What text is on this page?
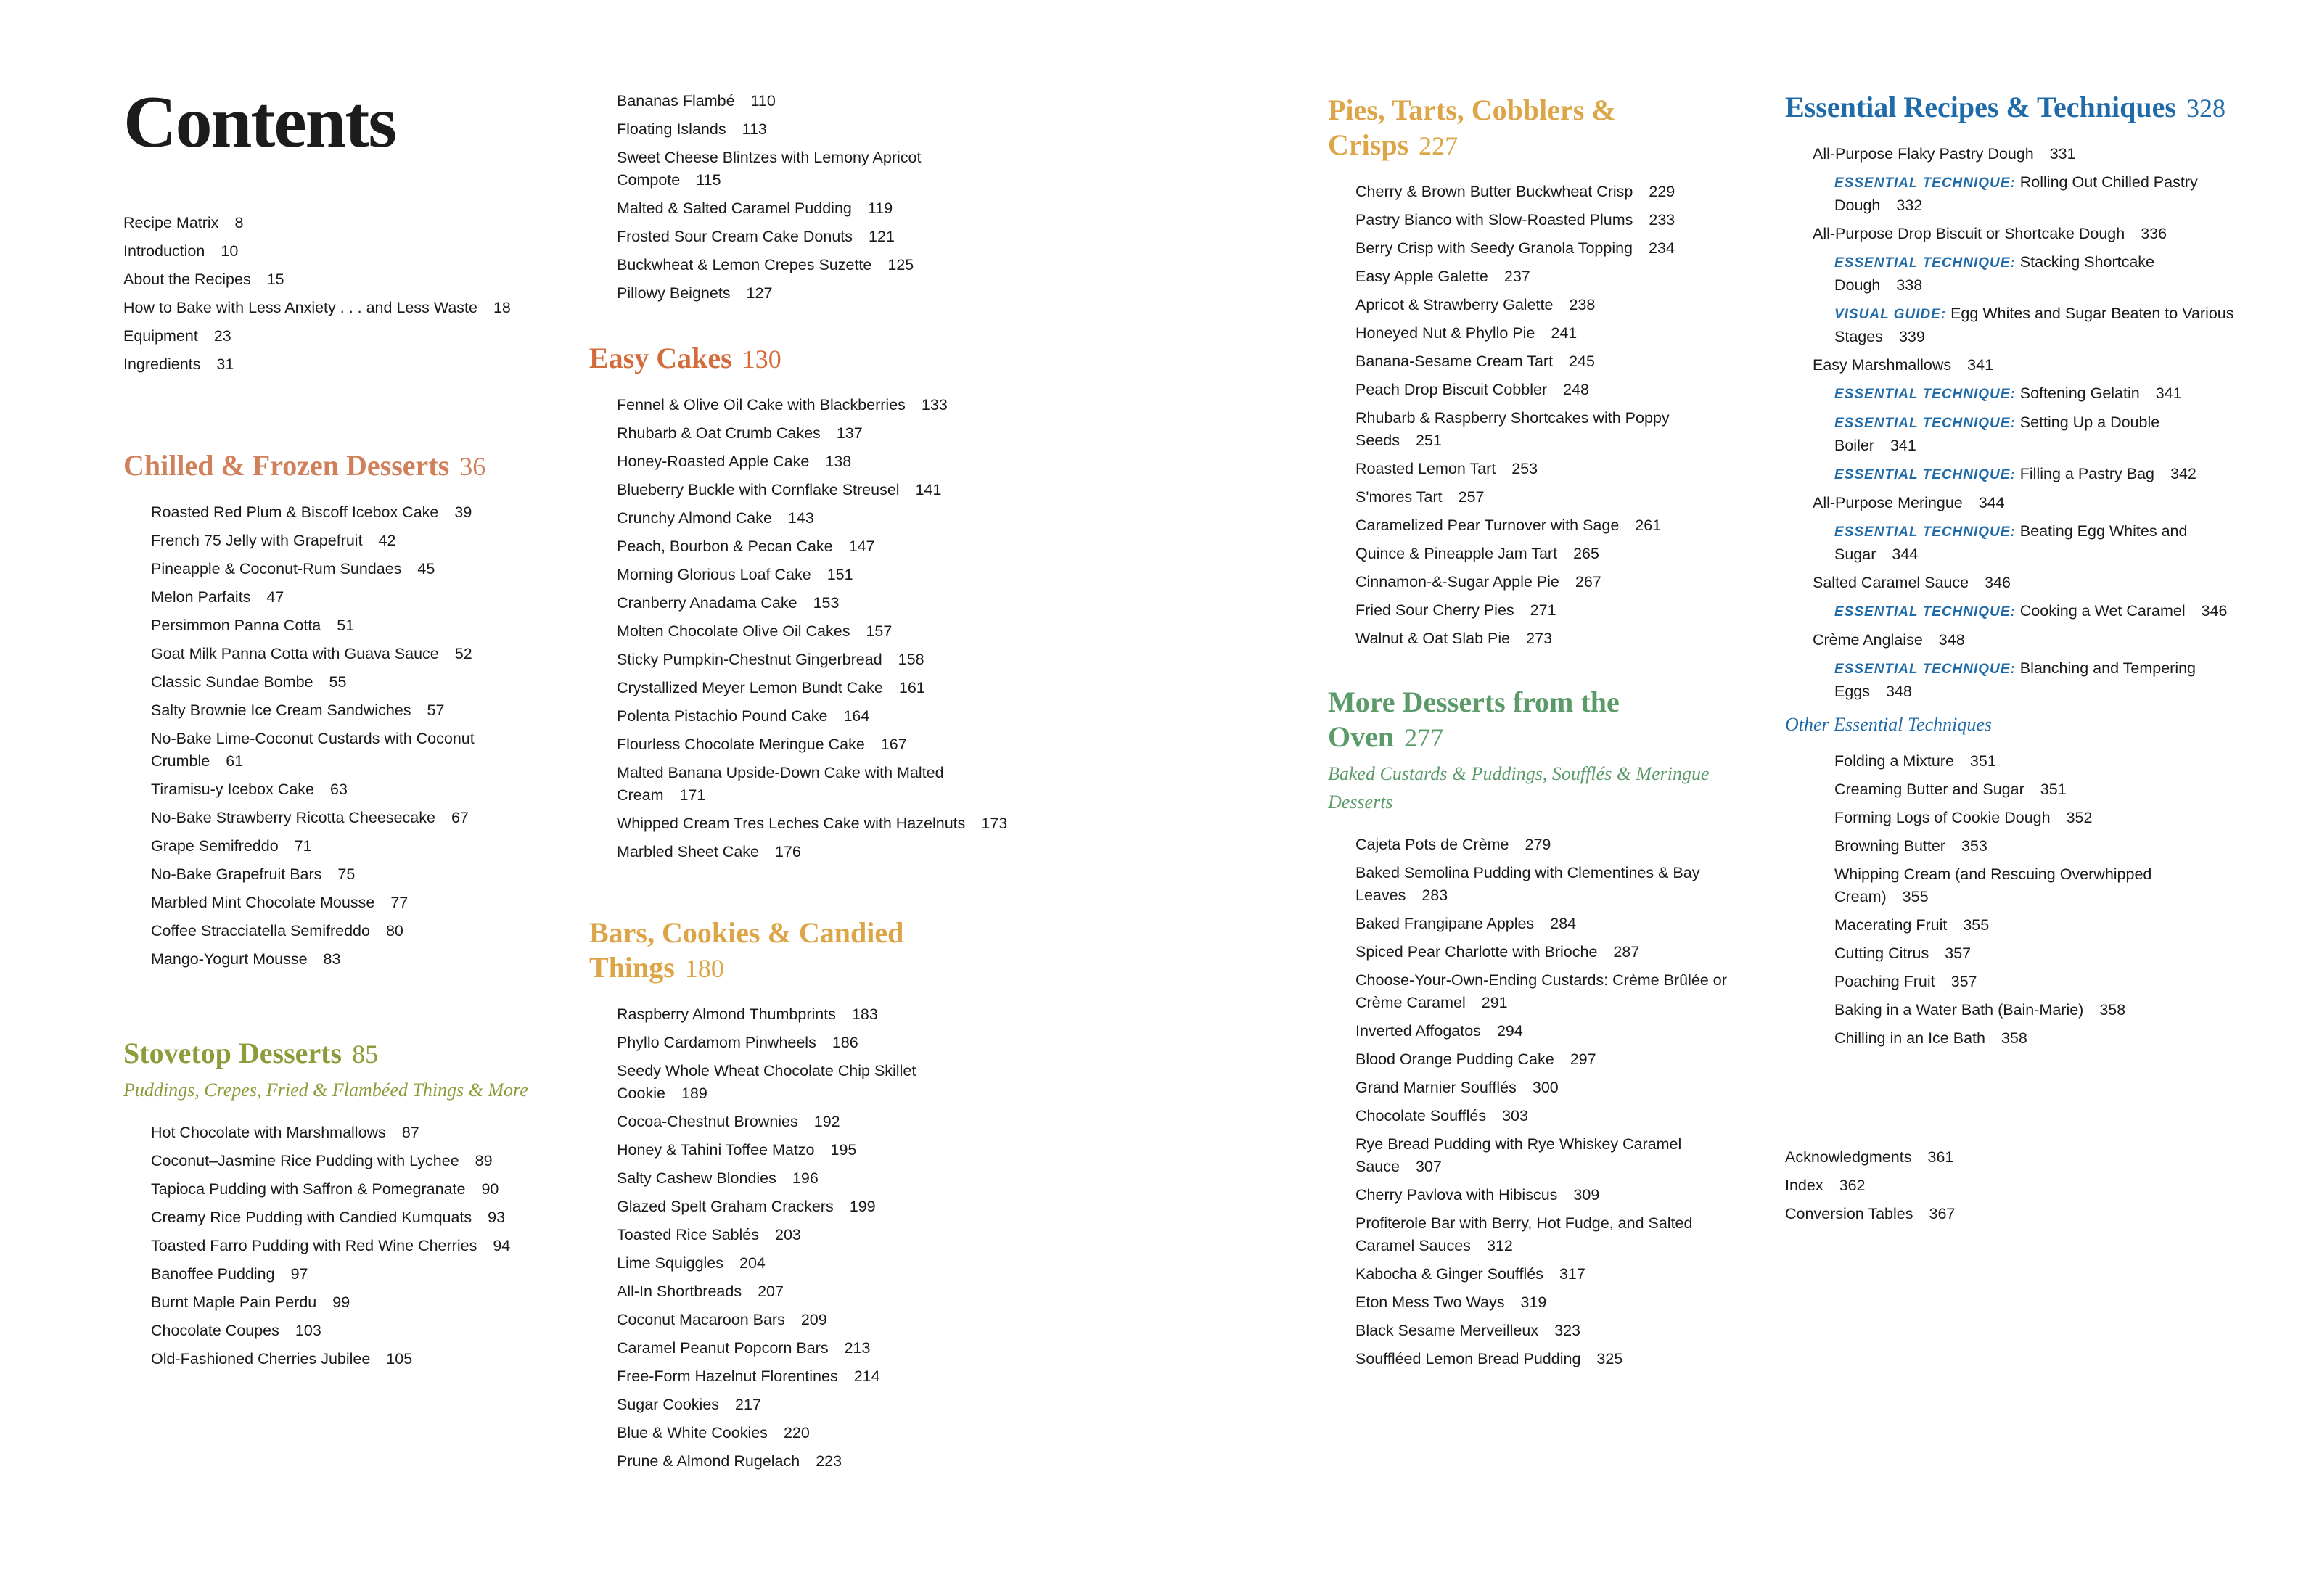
Contents
Recipe Matrix 8
Introduction 10
About the Recipes 15
How to Bake with Less Anxiety . . . and Less Waste 18
Equipment 23
Ingredients 31
Chilled & Frozen Desserts 36
Roasted Red Plum & Biscoff Icebox Cake 39
French 75 Jelly with Grapefruit 42
Pineapple & Coconut-Rum Sundaes 45
Melon Parfaits 47
Persimmon Panna Cotta 51
Goat Milk Panna Cotta with Guava Sauce 52
Classic Sundae Bombe 55
Salty Brownie Ice Cream Sandwiches 57
No-Bake Lime-Coconut Custards with Coconut Crumble 61
Tiramisu-y Icebox Cake 63
No-Bake Strawberry Ricotta Cheesecake 67
Grape Semifreddo 71
No-Bake Grapefruit Bars 75
Marbled Mint Chocolate Mousse 77
Coffee Stracciatella Semifreddo 80
Mango-Yogurt Mousse 83
Stovetop Desserts 85
Puddings, Crepes, Fried & Flambéed Things & More
Hot Chocolate with Marshmallows 87
Coconut–Jasmine Rice Pudding with Lychee 89
Tapioca Pudding with Saffron & Pomegranate 90
Creamy Rice Pudding with Candied Kumquats 93
Toasted Farro Pudding with Red Wine Cherries 94
Banoffee Pudding 97
Burnt Maple Pain Perdu 99
Chocolate Coupes 103
Old-Fashioned Cherries Jubilee 105
Bananas Flambé 110
Floating Islands 113
Sweet Cheese Blintzes with Lemony Apricot Compote 115
Malted & Salted Caramel Pudding 119
Frosted Sour Cream Cake Donuts 121
Buckwheat & Lemon Crepes Suzette 125
Pillowy Beignets 127
Easy Cakes 130
Fennel & Olive Oil Cake with Blackberries 133
Rhubarb & Oat Crumb Cakes 137
Honey-Roasted Apple Cake 138
Blueberry Buckle with Cornflake Streusel 141
Crunchy Almond Cake 143
Peach, Bourbon & Pecan Cake 147
Morning Glorious Loaf Cake 151
Cranberry Anadama Cake 153
Molten Chocolate Olive Oil Cakes 157
Sticky Pumpkin-Chestnut Gingerbread 158
Crystallized Meyer Lemon Bundt Cake 161
Polenta Pistachio Pound Cake 164
Flourless Chocolate Meringue Cake 167
Malted Banana Upside-Down Cake with Malted Cream 171
Whipped Cream Tres Leches Cake with Hazelnuts 173
Marbled Sheet Cake 176
Bars, Cookies & Candied Things 180
Raspberry Almond Thumbprints 183
Phyllo Cardamom Pinwheels 186
Seedy Whole Wheat Chocolate Chip Skillet Cookie 189
Cocoa-Chestnut Brownies 192
Honey & Tahini Toffee Matzo 195
Salty Cashew Blondies 196
Glazed Spelt Graham Crackers 199
Toasted Rice Sablés 203
Lime Squiggles 204
All-In Shortbreads 207
Coconut Macaroon Bars 209
Caramel Peanut Popcorn Bars 213
Free-Form Hazelnut Florentines 214
Sugar Cookies 217
Blue & White Cookies 220
Prune & Almond Rugelach 223
Pies, Tarts, Cobblers & Crisps 227
Cherry & Brown Butter Buckwheat Crisp 229
Pastry Bianco with Slow-Roasted Plums 233
Berry Crisp with Seedy Granola Topping 234
Easy Apple Galette 237
Apricot & Strawberry Galette 238
Honeyed Nut & Phyllo Pie 241
Banana-Sesame Cream Tart 245
Peach Drop Biscuit Cobbler 248
Rhubarb & Raspberry Shortcakes with Poppy Seeds 251
Roasted Lemon Tart 253
S'mores Tart 257
Caramelized Pear Turnover with Sage 261
Quince & Pineapple Jam Tart 265
Cinnamon-&-Sugar Apple Pie 267
Fried Sour Cherry Pies 271
Walnut & Oat Slab Pie 273
More Desserts from the Oven 277
Baked Custards & Puddings, Soufflés & Meringue Desserts
Cajeta Pots de Crème 279
Baked Semolina Pudding with Clementines & Bay Leaves 283
Baked Frangipane Apples 284
Spiced Pear Charlotte with Brioche 287
Choose-Your-Own-Ending Custards: Crème Brûlée or Crème Caramel 291
Inverted Affogatos 294
Blood Orange Pudding Cake 297
Grand Marnier Soufflés 300
Chocolate Soufflés 303
Rye Bread Pudding with Rye Whiskey Caramel Sauce 307
Cherry Pavlova with Hibiscus 309
Profiterole Bar with Berry, Hot Fudge, and Salted Caramel Sauces 312
Kabocha & Ginger Soufflés 317
Eton Mess Two Ways 319
Black Sesame Merveilleux 323
Souffléed Lemon Bread Pudding 325
Essential Recipes & Techniques 328
All-Purpose Flaky Pastry Dough 331
ESSENTIAL TECHNIQUE: Rolling Out Chilled Pastry Dough 332
All-Purpose Drop Biscuit or Shortcake Dough 336
ESSENTIAL TECHNIQUE: Stacking Shortcake Dough 338
VISUAL GUIDE: Egg Whites and Sugar Beaten to Various Stages 339
Easy Marshmallows 341
ESSENTIAL TECHNIQUE: Softening Gelatin 341
ESSENTIAL TECHNIQUE: Setting Up a Double Boiler 341
ESSENTIAL TECHNIQUE: Filling a Pastry Bag 342
All-Purpose Meringue 344
ESSENTIAL TECHNIQUE: Beating Egg Whites and Sugar 344
Salted Caramel Sauce 346
ESSENTIAL TECHNIQUE: Cooking a Wet Caramel 346
Crème Anglaise 348
ESSENTIAL TECHNIQUE: Blanching and Tempering Eggs 348
Other Essential Techniques
Folding a Mixture 351
Creaming Butter and Sugar 351
Forming Logs of Cookie Dough 352
Browning Butter 353
Whipping Cream (and Rescuing Overwhipped Cream) 355
Macerating Fruit 355
Cutting Citrus 357
Poaching Fruit 357
Baking in a Water Bath (Bain-Marie) 358
Chilling in an Ice Bath 358
Acknowledgments 361
Index 362
Conversion Tables 367
